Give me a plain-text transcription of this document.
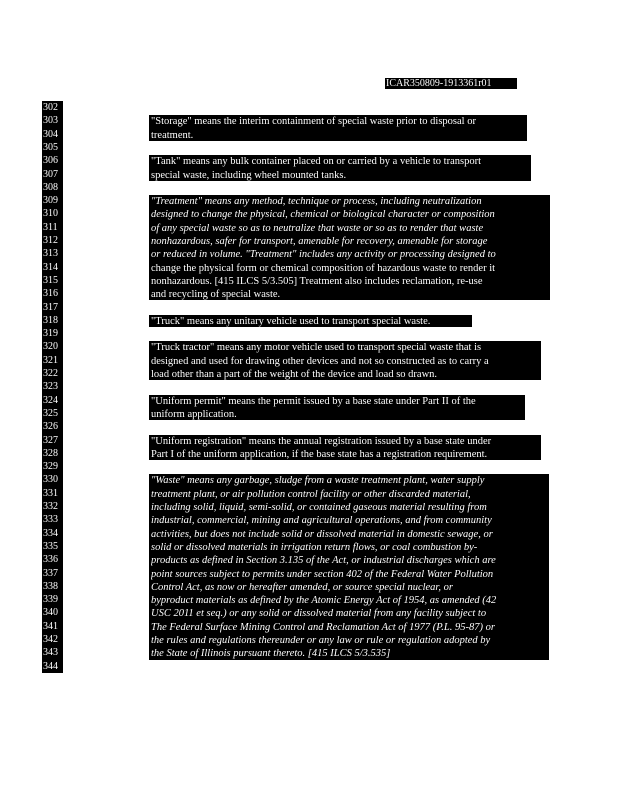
ICAR350809-1913361r01
302
303
304
305
306
307
308
309
310
311
312
313
314
315
316
317
318
319
320
321
322
323
324
325
326
327
328
329
330
331
332
333
334
335
336
337
338
339
340
341
342
343
344
"Storage" means the interim containment of special waste prior to disposal or
treatment.
"Tank" means any bulk container placed on or carried by a vehicle to transport
special waste, including wheel mounted tanks.
"Treatment" means any method, technique or process, including neutralization
designed to change the physical, chemical or biological character or composition
of any special waste so as to neutralize that waste or so as to render that waste
nonhazardous, safer for transport, amenable for recovery, amenable for storage
or reduced in volume. "Treatment" includes any activity or processing designed to
change the physical form or chemical composition of hazardous waste to render it
nonhazardous. [415 ILCS 5/3.505] Treatment also includes reclamation, re-use
and recycling of special waste.
"Truck" means any unitary vehicle used to transport special waste.
"Truck tractor" means any motor vehicle used to transport special waste that is
designed and used for drawing other devices and not so constructed as to carry a
load other than a part of the weight of the device and load so drawn.
"Uniform permit" means the permit issued by a base state under Part II of the
uniform application.
"Uniform registration" means the annual registration issued by a base state under
Part I of the uniform application, if the base state has a registration requirement.
"Waste" means any garbage, sludge from a waste treatment plant, water supply
treatment plant, or air pollution control facility or other discarded material,
including solid, liquid, semi-solid, or contained gaseous material resulting from
industrial, commercial, mining and agricultural operations, and from community
activities, but does not include solid or dissolved material in domestic sewage, or
solid or dissolved materials in irrigation return flows, or coal combustion by-
products as defined in Section 3.135 of the Act, or industrial discharges which are
point sources subject to permits under section 402 of the Federal Water Pollution
Control Act, as now or hereafter amended, or source special nuclear, or
byproduct materials as defined by the Atomic Energy Act of 1954, as amended (42
USC 2011 et seq.) or any solid or dissolved material from any facility subject to
The Federal Surface Mining Control and Reclamation Act of 1977 (P.L. 95-87) or
the rules and regulations thereunder or any law or rule or regulation adopted by
the State of Illinois pursuant thereto. [415 ILCS 5/3.535]
